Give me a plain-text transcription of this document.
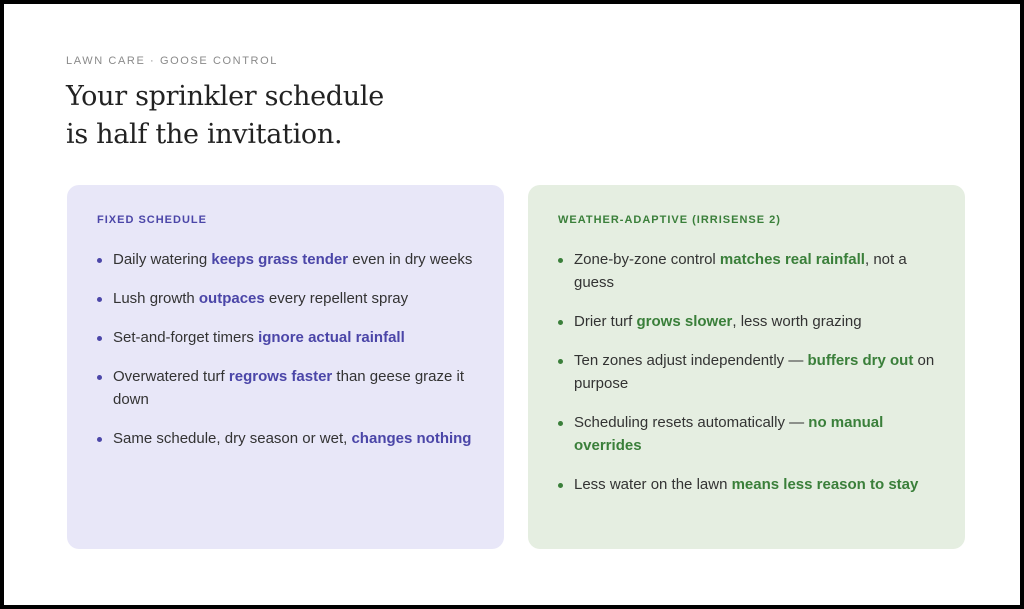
LAWN CARE · GOOSE CONTROL
Your sprinkler schedule
is half the invitation.
FIXED SCHEDULE
Daily watering keeps grass tender even in dry weeks
Lush growth outpaces every repellent spray
Set-and-forget timers ignore actual rainfall
Overwatered turf regrows faster than geese graze it down
Same schedule, dry season or wet, changes nothing
WEATHER-ADAPTIVE (IRRISENSE 2)
Zone-by-zone control matches real rainfall, not a guess
Drier turf grows slower, less worth grazing
Ten zones adjust independently — buffers dry out on purpose
Scheduling resets automatically — no manual overrides
Less water on the lawn means less reason to stay
